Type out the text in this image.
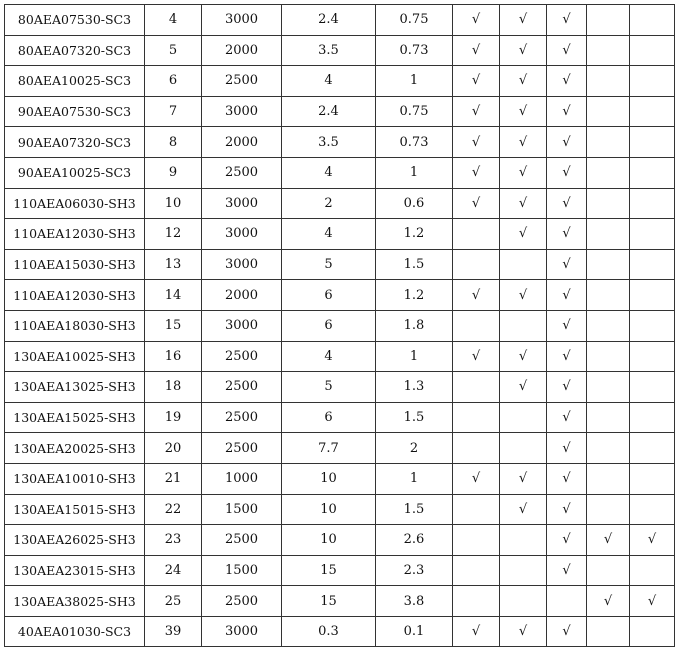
80AEA07530-SC3	4	3000	2.4	0.75	√	√	√		
80AEA07320-SC3	5	2000	3.5	0.73	√	√	√		
80AEA10025-SC3	6	2500	4	1	√	√	√		
90AEA07530-SC3	7	3000	2.4	0.75	√	√	√		
90AEA07320-SC3	8	2000	3.5	0.73	√	√	√		
90AEA10025-SC3	9	2500	4	1	√	√	√		
110AEA06030-SH3	10	3000	2	0.6	√	√	√		
110AEA12030-SH3	12	3000	4	1.2		√	√		
110AEA15030-SH3	13	3000	5	1.5			√		
110AEA12030-SH3	14	2000	6	1.2	√	√	√		
110AEA18030-SH3	15	3000	6	1.8			√		
130AEA10025-SH3	16	2500	4	1	√	√	√		
130AEA13025-SH3	18	2500	5	1.3		√	√		
130AEA15025-SH3	19	2500	6	1.5			√		
130AEA20025-SH3	20	2500	7.7	2			√		
130AEA10010-SH3	21	1000	10	1	√	√	√		
130AEA15015-SH3	22	1500	10	1.5		√	√		
130AEA26025-SH3	23	2500	10	2.6			√	√	√
130AEA23015-SH3	24	1500	15	2.3			√		
130AEA38025-SH3	25	2500	15	3.8				√	√
40AEA01030-SC3	39	3000	0.3	0.1	√	√	√		
